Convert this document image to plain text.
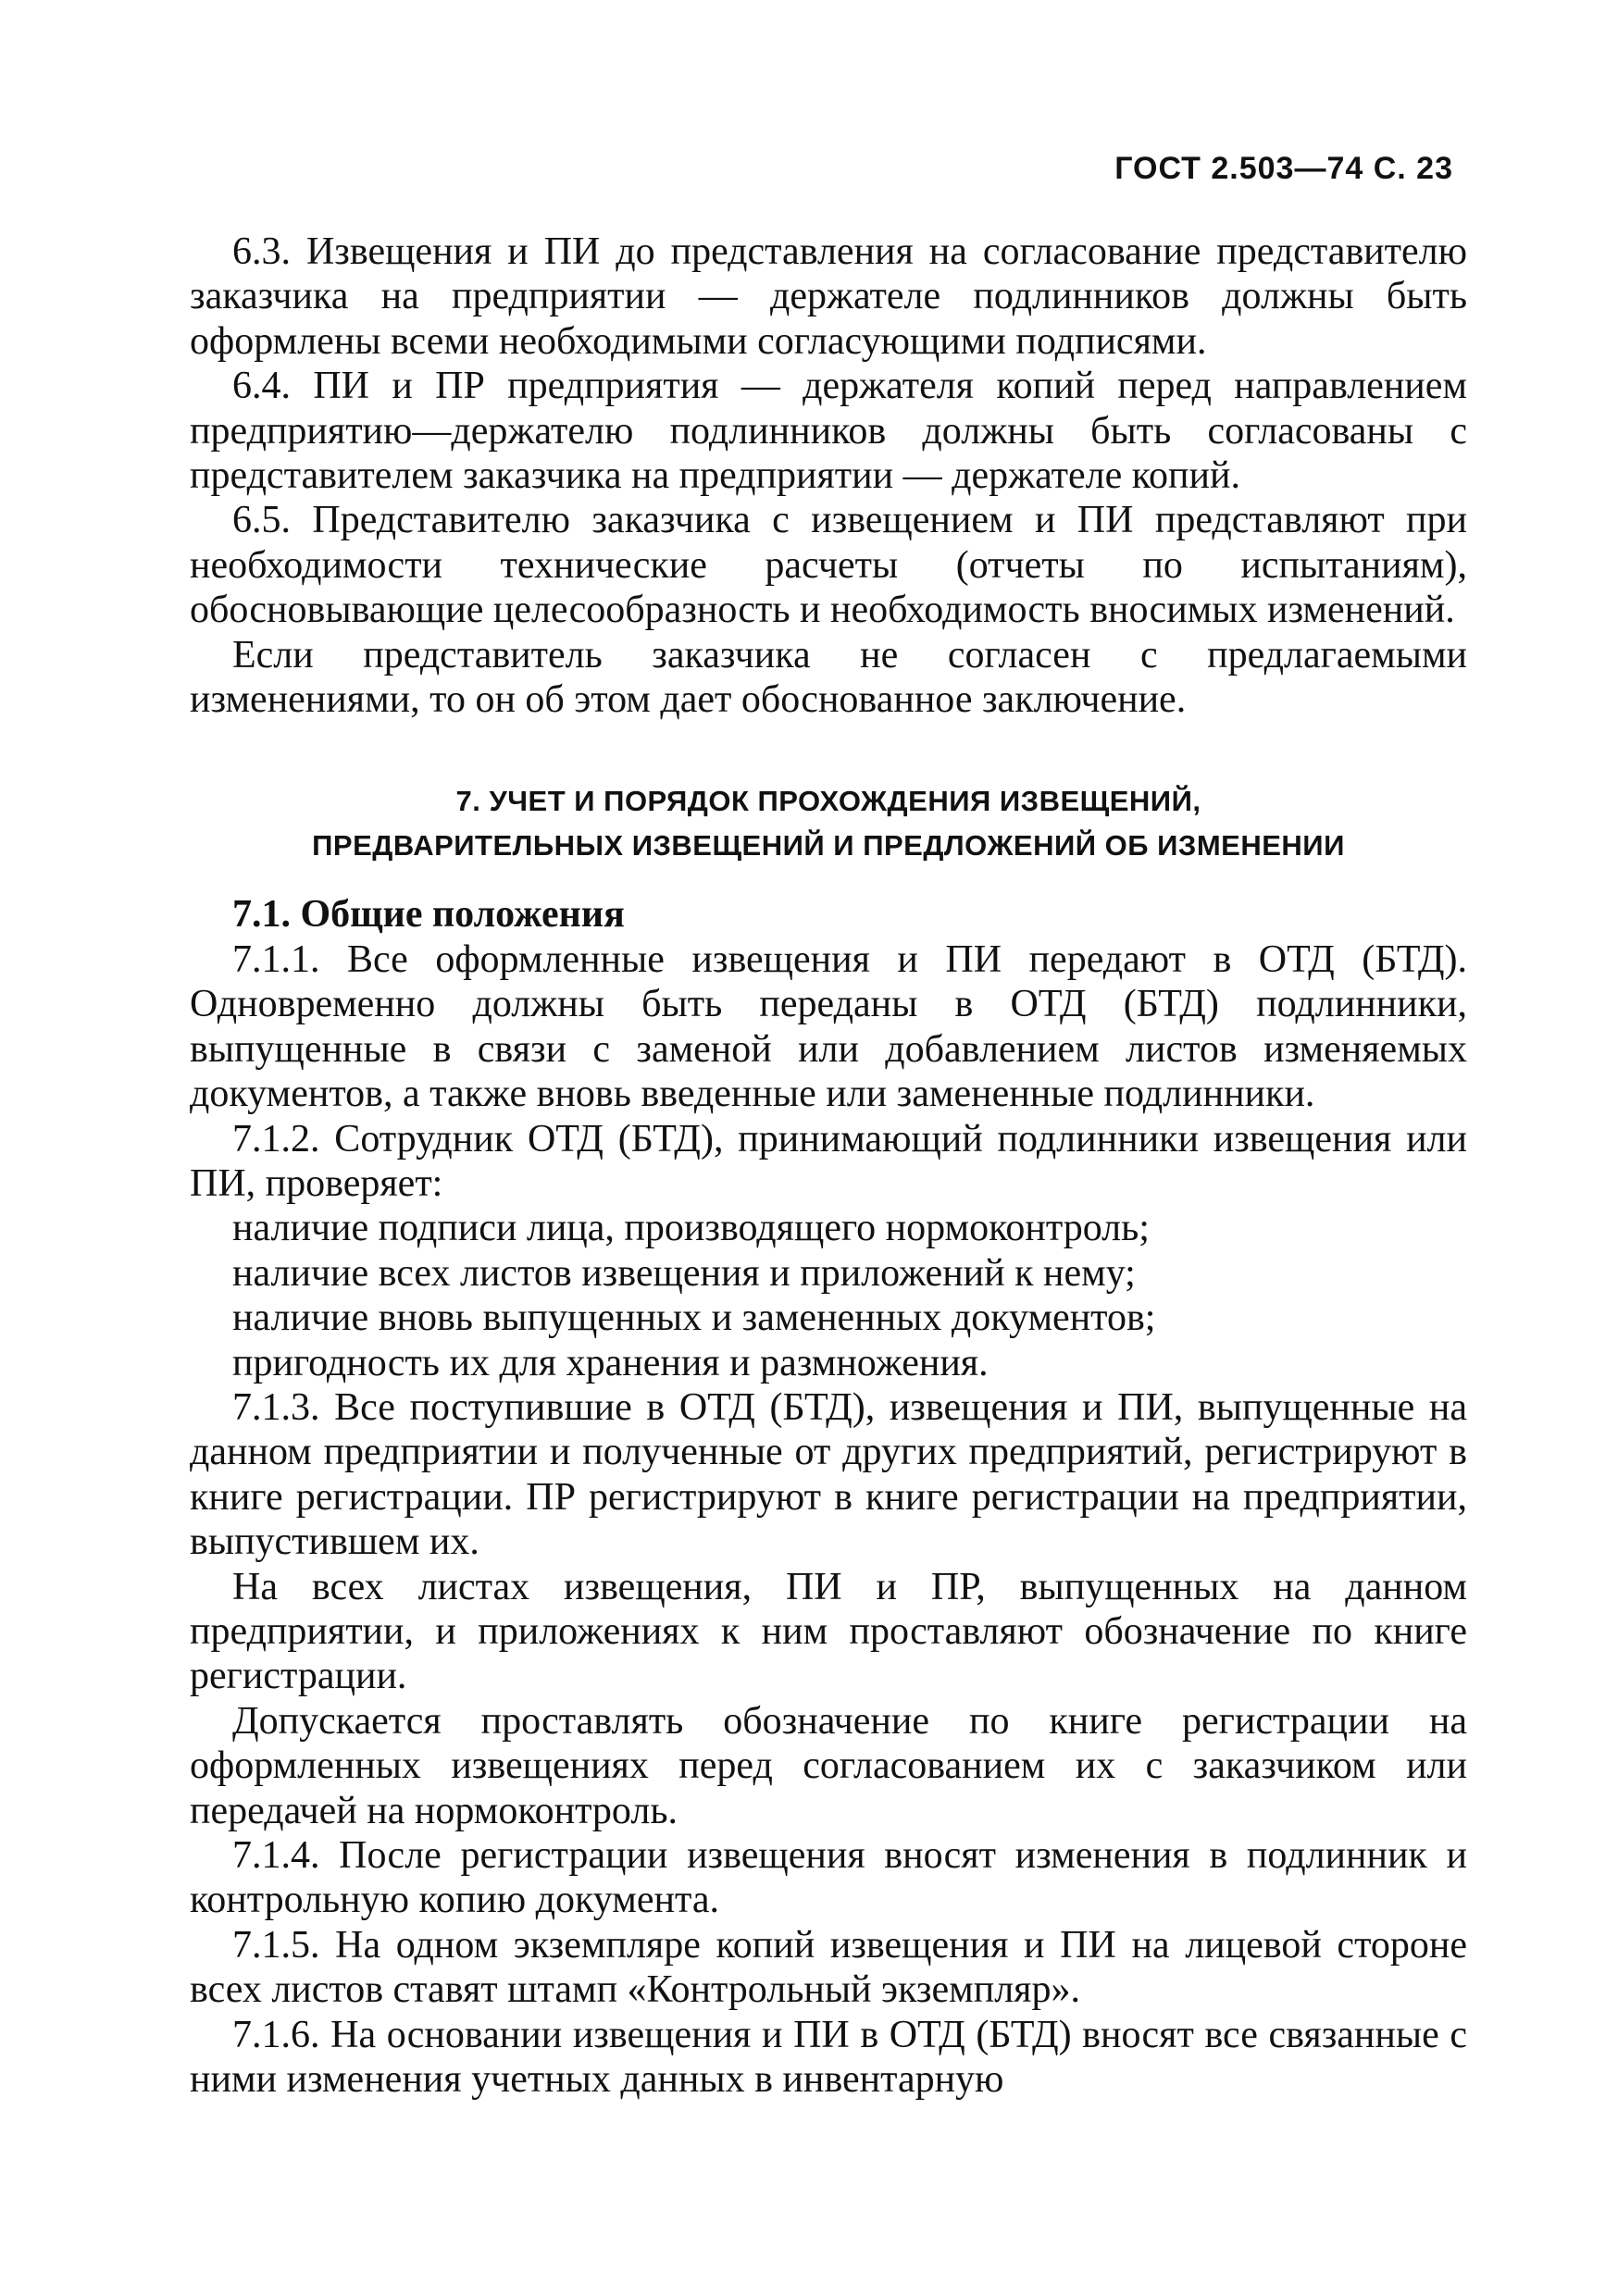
ГОСТ 2.503—74 С. 23

6.3. Извещения и ПИ до представления на согласование представителю заказчика на предприятии — держателе подлинников должны быть оформлены всеми необходимыми согласующими подписями.

6.4. ПИ и ПР предприятия — держателя копий перед направлением предприятию—держателю подлинников должны быть согласованы с представителем заказчика на предприятии — держателе копий.

6.5. Представителю заказчика с извещением и ПИ представляют при необходимости технические расчеты (отчеты по испытаниям), обосновывающие целесообразность и необходимость вносимых изменений.

Если представитель заказчика не согласен с предлагаемыми изменениями, то он об этом дает обоснованное заключение.

7. УЧЕТ И ПОРЯДОК ПРОХОЖДЕНИЯ ИЗВЕЩЕНИЙ,
ПРЕДВАРИТЕЛЬНЫХ ИЗВЕЩЕНИЙ И ПРЕДЛОЖЕНИЙ ОБ ИЗМЕНЕНИИ

7.1. Общие положения

7.1.1. Все оформленные извещения и ПИ передают в ОТД (БТД). Одновременно должны быть переданы в ОТД (БТД) подлинники, выпущенные в связи с заменой или добавлением листов изменяемых документов, а также вновь введенные или замененные подлинники.

7.1.2. Сотрудник ОТД (БТД), принимающий подлинники извещения или ПИ, проверяет:

наличие подписи лица, производящего нормоконтроль;

наличие всех листов извещения и приложений к нему;

наличие вновь выпущенных и замененных документов;

пригодность их для хранения и размножения.

7.1.3. Все поступившие в ОТД (БТД), извещения и ПИ, выпущенные на данном предприятии и полученные от других предприятий, регистрируют в книге регистрации. ПР регистрируют в книге регистрации на предприятии, выпустившем их.

На всех листах извещения, ПИ и ПР, выпущенных на данном предприятии, и приложениях к ним проставляют обозначение по книге регистрации.

Допускается проставлять обозначение по книге регистрации на оформленных извещениях перед согласованием их с заказчиком или передачей на нормоконтроль.

7.1.4. После регистрации извещения вносят изменения в подлинник и контрольную копию документа.

7.1.5. На одном экземпляре копий извещения и ПИ на лицевой стороне всех листов ставят штамп «Контрольный экземпляр».

7.1.6. На основании извещения и ПИ в ОТД (БТД) вносят все связанные с ними изменения учетных данных в инвентарную
